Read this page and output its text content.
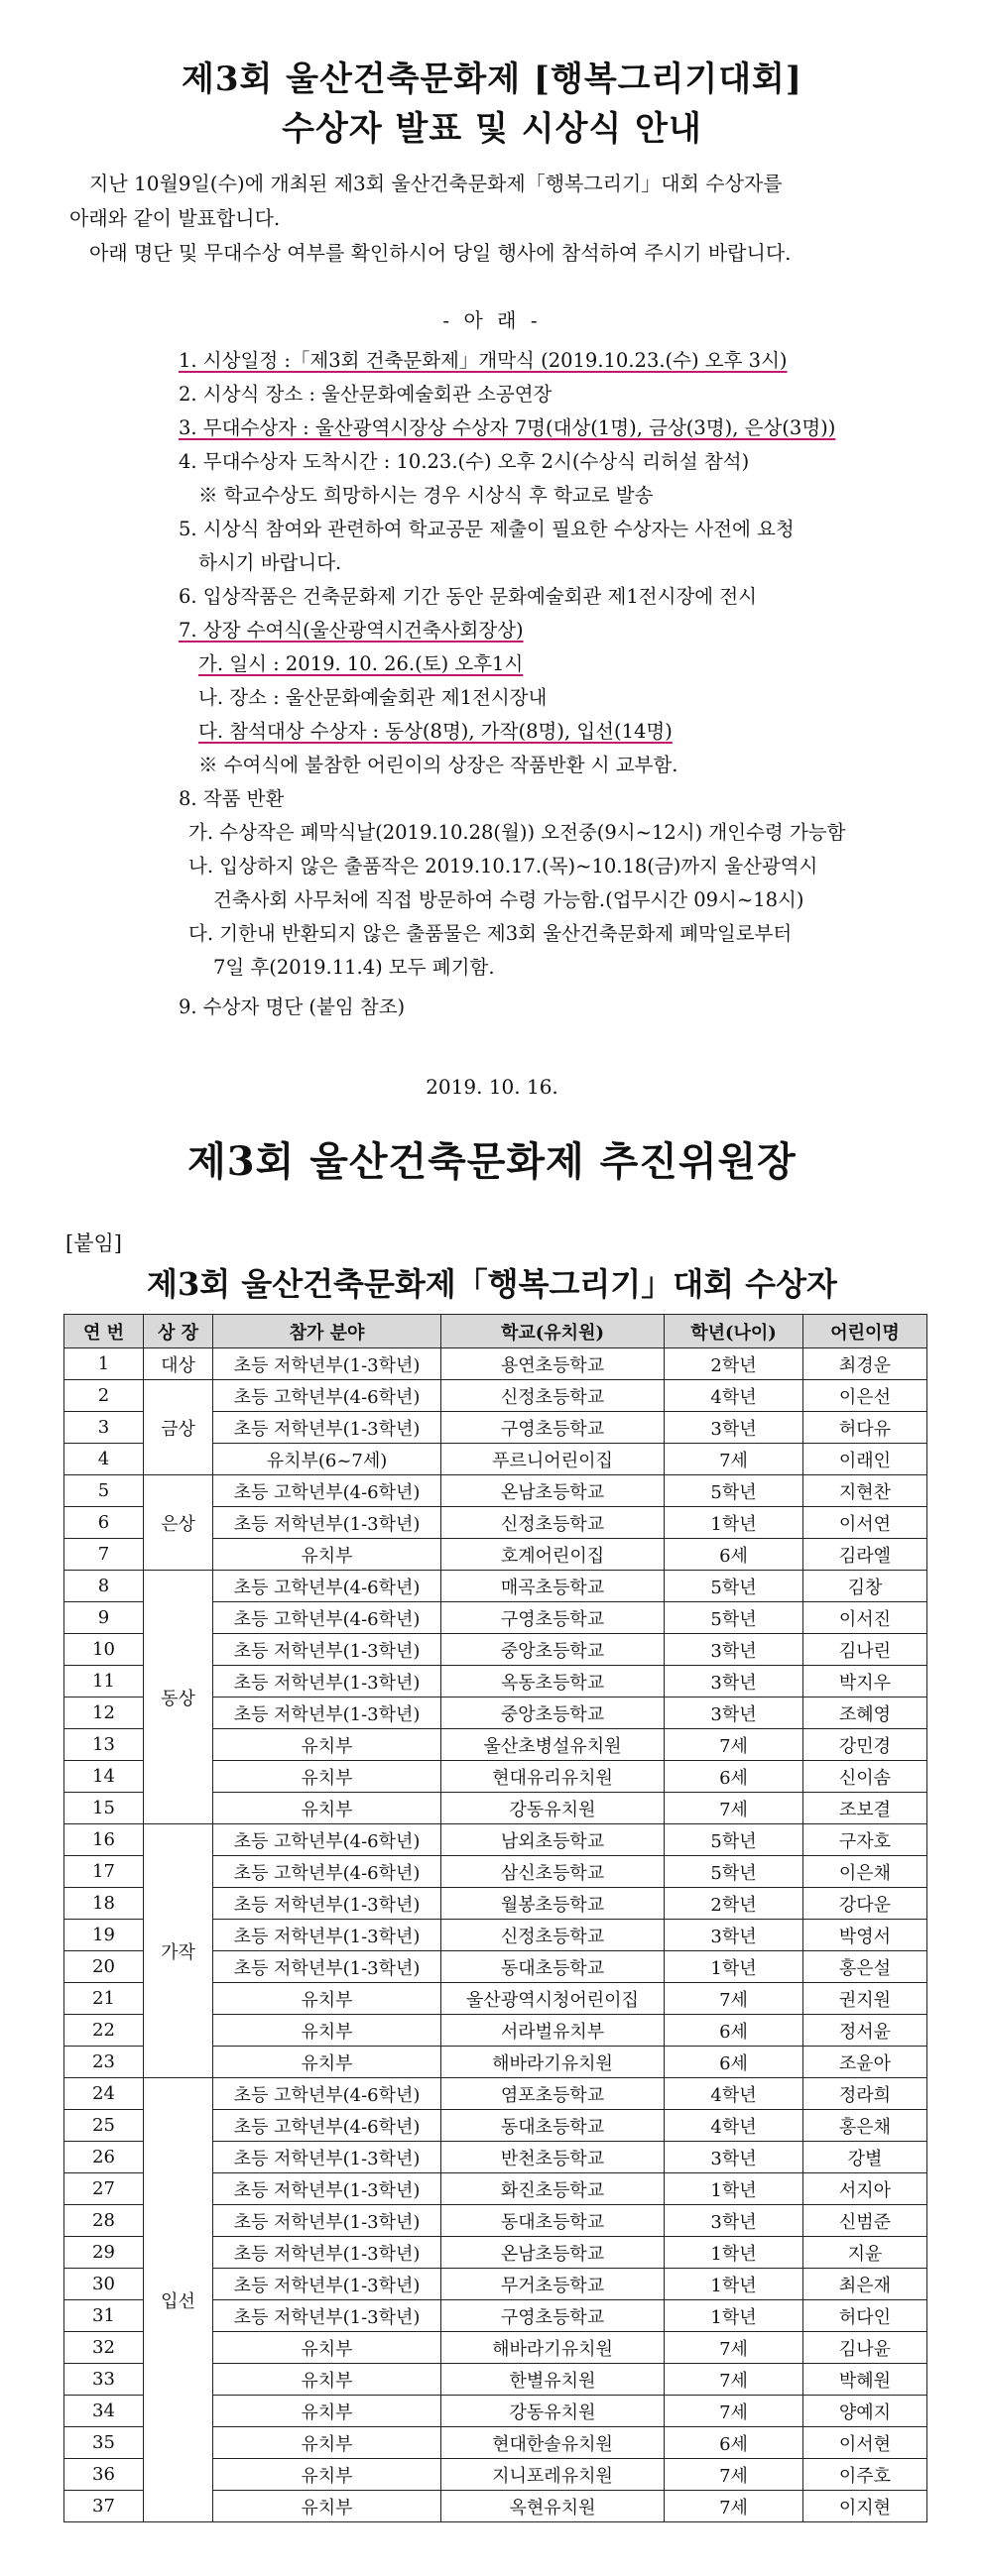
제3회 울산건축문화제 [행복그리기대회]
수상자 발표 및 시상식 안내

지난 10월9일(수)에 개최된 제3회 울산건축문화제「행복그리기」대회 수상자를

아래와 같이 발표합니다.

아래 명단 및 무대수상 여부를 확인하시어 당일 행사에 참석하여 주시기 바랍니다.

- 아 래 -
1. 시상일정 :「제3회 건축문화제」개막식 (2019.10.23.(수) 오후 3시)
2. 시상식 장소 : 울산문화예술회관 소공연장
3. 무대수상자 : 울산광역시장상 수상자 7명(대상(1명), 금상(3명), 은상(3명))
4. 무대수상자 도착시간 : 10.23.(수) 오후 2시(수상식 리허설 참석)
※ 학교수상도 희망하시는 경우 시상식 후 학교로 발송
5. 시상식 참여와 관련하여 학교공문 제출이 필요한 수상자는 사전에 요청
하시기 바랍니다.
6. 입상작품은 건축문화제 기간 동안 문화예술회관 제1전시장에 전시
7. 상장 수여식(울산광역시건축사회장상)
가. 일시 : 2019. 10. 26.(토) 오후1시
나. 장소 : 울산문화예술회관 제1전시장내
다. 참석대상 수상자 : 동상(8명), 가작(8명), 입선(14명)
※ 수여식에 불참한 어린이의 상장은 작품반환 시 교부함.
8. 작품 반환
가. 수상작은 폐막식날(2019.10.28(월)) 오전중(9시~12시) 개인수령 가능함
나. 입상하지 않은 출품작은 2019.10.17.(목)~10.18(금)까지 울산광역시
건축사회 사무처에 직접 방문하여 수령 가능함.(업무시간 09시~18시)
다. 기한내 반환되지 않은 출품물은 제3회 울산건축문화제 폐막일로부터
7일 후(2019.11.4) 모두 폐기함.
9. 수상자 명단 (붙임 참조)
2019. 10. 16.
제3회 울산건축문화제 추진위원장
[붙임]
제3회 울산건축문화제「행복그리기」대회 수상자
연 번	상 장	참가 분야	학교(유치원)	학년(나이)	어린이명
1	대상	초등 저학년부(1-3학년)	용연초등학교	2학년	최경운
2	금상	초등 고학년부(4-6학년)	신정초등학교	4학년	이은선
3		초등 저학년부(1-3학년)	구영초등학교	3학년	허다유
4		유치부(6~7세)	푸르니어린이집	7세	이래인
5	은상	초등 고학년부(4-6학년)	온남초등학교	5학년	지현찬
6		초등 저학년부(1-3학년)	신정초등학교	1학년	이서연
7		유치부	호계어린이집	6세	김라엘
8	동상	초등 고학년부(4-6학년)	매곡초등학교	5학년	김창
9		초등 고학년부(4-6학년)	구영초등학교	5학년	이서진
10		초등 저학년부(1-3학년)	중앙초등학교	3학년	김나린
11		초등 저학년부(1-3학년)	옥동초등학교	3학년	박지우
12		초등 저학년부(1-3학년)	중앙초등학교	3학년	조혜영
13		유치부	울산초병설유치원	7세	강민경
14		유치부	현대유리유치원	6세	신이솜
15		유치부	강동유치원	7세	조보결
16	가작	초등 고학년부(4-6학년)	남외초등학교	5학년	구자호
17		초등 고학년부(4-6학년)	삼신초등학교	5학년	이은채
18		초등 저학년부(1-3학년)	월봉초등학교	2학년	강다운
19		초등 저학년부(1-3학년)	신정초등학교	3학년	박영서
20		초등 저학년부(1-3학년)	동대초등학교	1학년	홍은설
21		유치부	울산광역시청어린이집	7세	권지원
22		유치부	서라벌유치부	6세	정서윤
23		유치부	해바라기유치원	6세	조윤아
24	입선	초등 고학년부(4-6학년)	염포초등학교	4학년	정라희
25		초등 고학년부(4-6학년)	동대초등학교	4학년	홍은채
26		초등 저학년부(1-3학년)	반천초등학교	3학년	강별
27		초등 저학년부(1-3학년)	화진초등학교	1학년	서지아
28		초등 저학년부(1-3학년)	동대초등학교	3학년	신범준
29		초등 저학년부(1-3학년)	온남초등학교	1학년	지윤
30		초등 저학년부(1-3학년)	무거초등학교	1학년	최은재
31		초등 저학년부(1-3학년)	구영초등학교	1학년	허다인
32		유치부	해바라기유치원	7세	김나윤
33		유치부	한별유치원	7세	박혜원
34		유치부	강동유치원	7세	양예지
35		유치부	현대한솔유치원	6세	이서현
36		유치부	지니포레유치원	7세	이주호
37		유치부	옥현유치원	7세	이지현
